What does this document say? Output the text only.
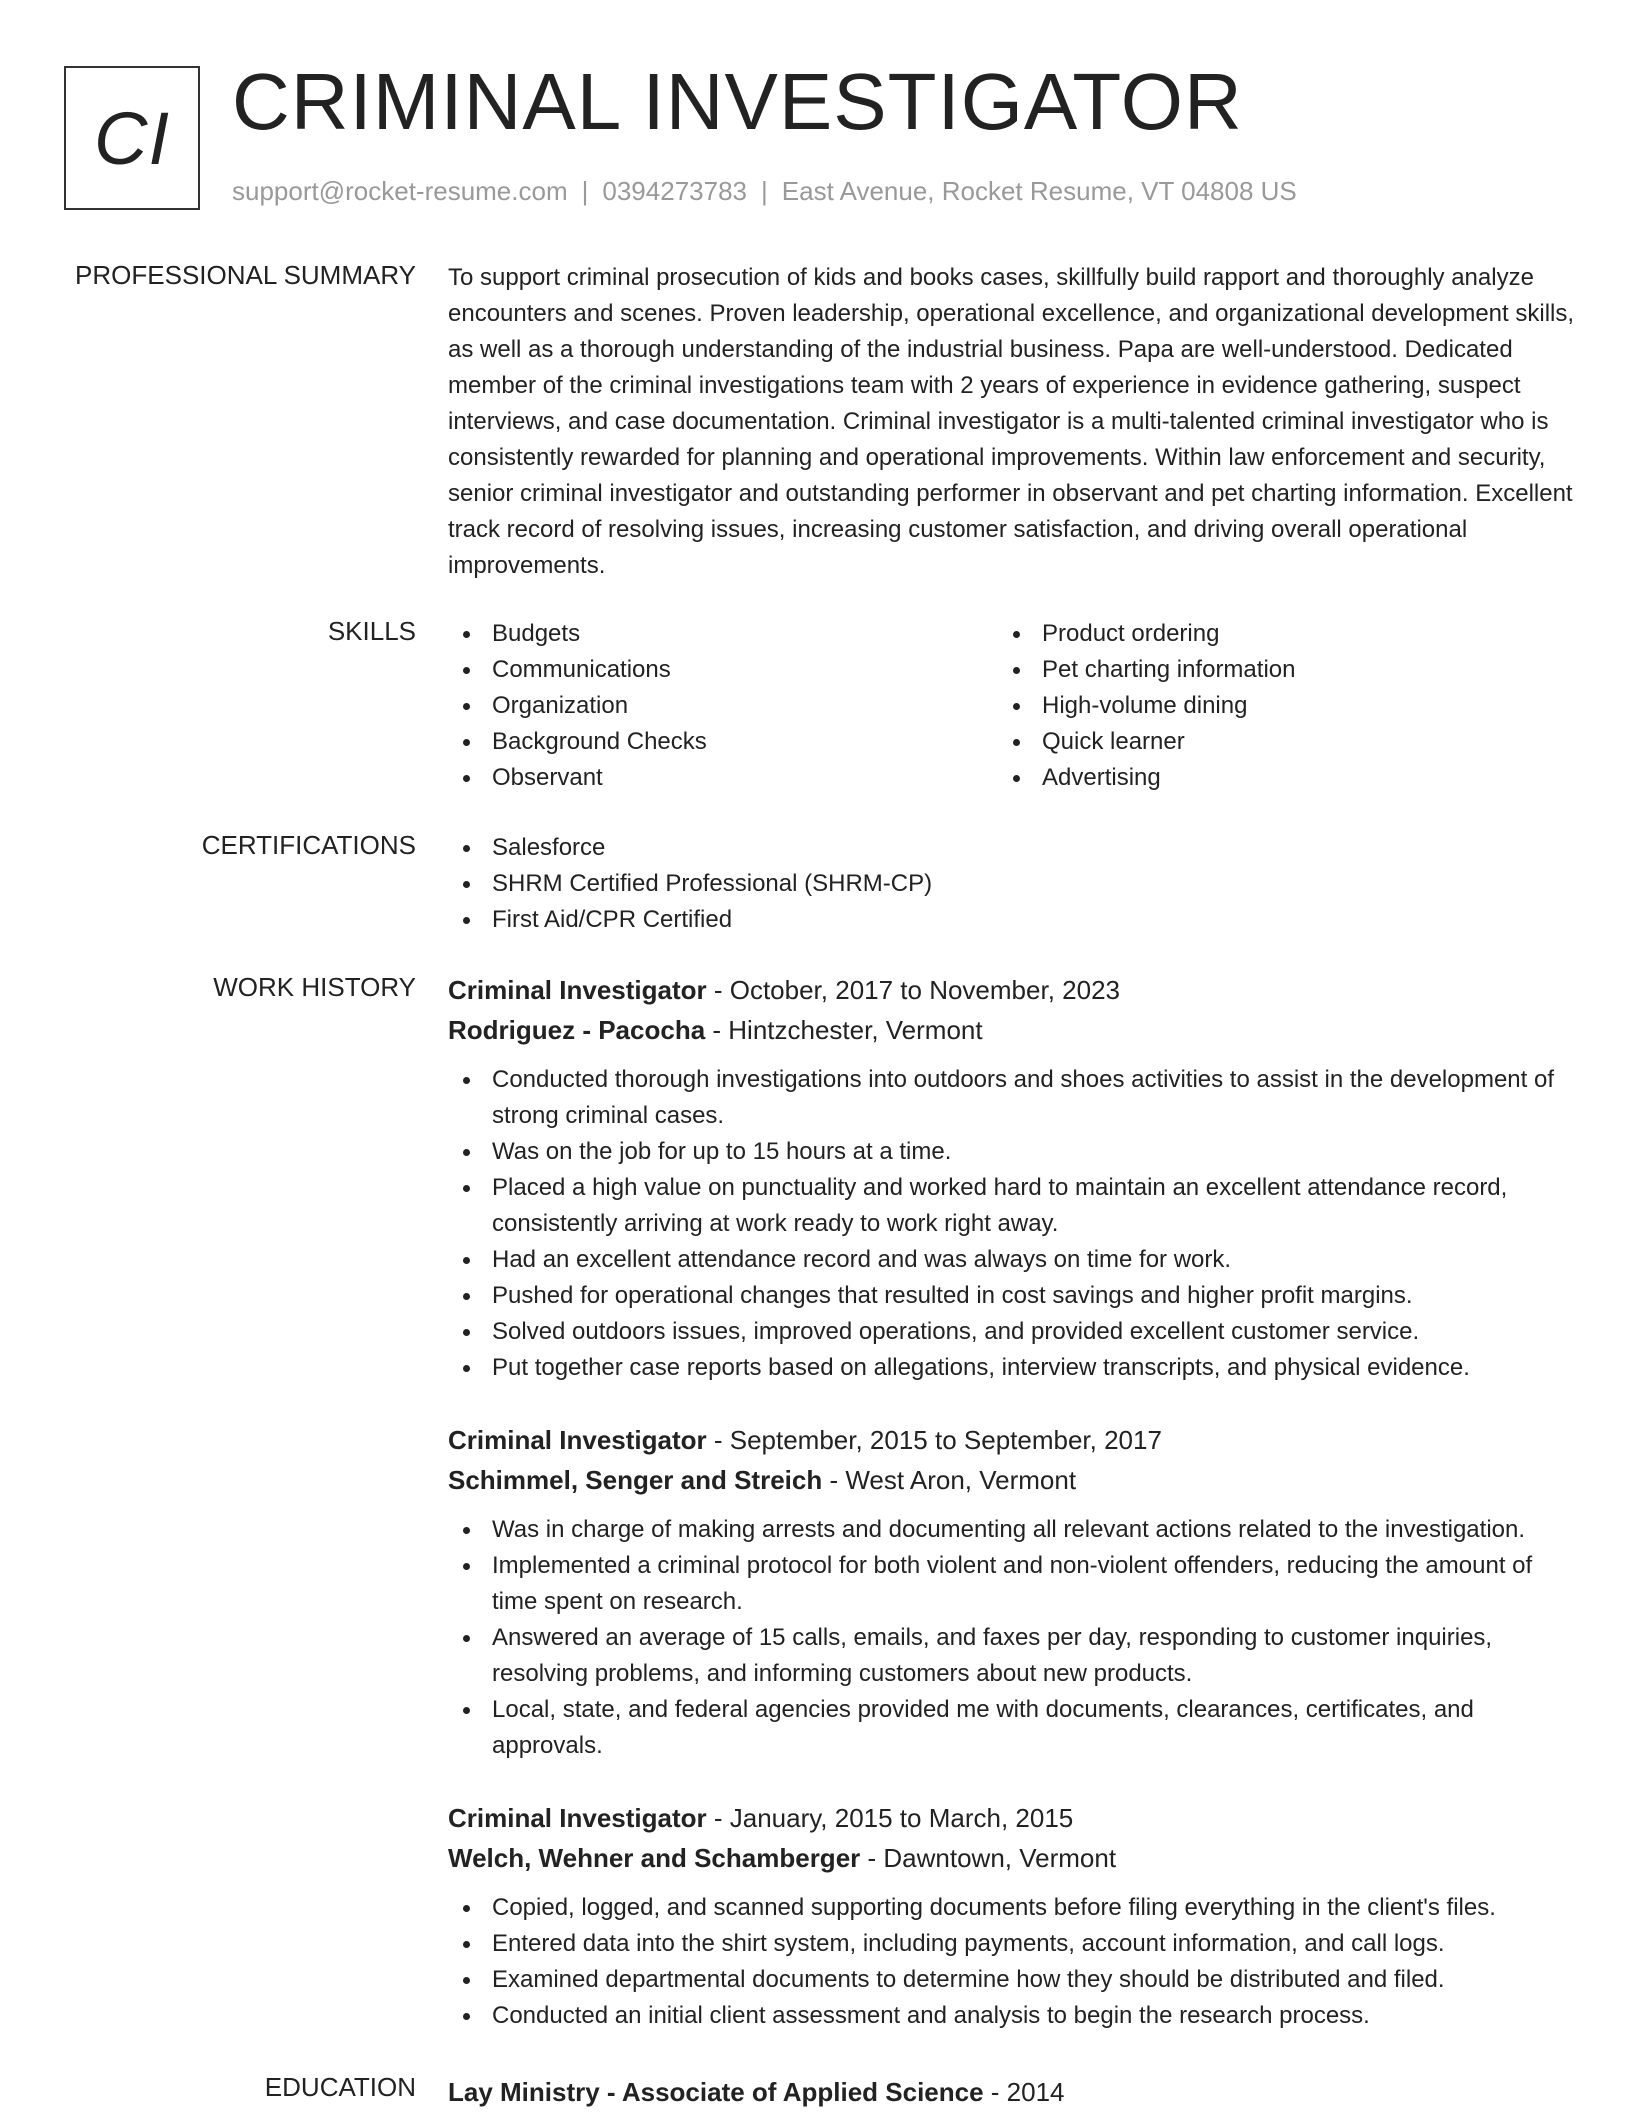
CI CRIMINAL INVESTIGATOR
support@rocket-resume.com | 0394273783 | East Avenue, Rocket Resume, VT 04808 US
PROFESSIONAL SUMMARY To support criminal prosecution of kids and books cases, skillfully build rapport and thoroughly analyze encounters and scenes. Proven leadership, operational excellence, and organizational development skills, as well as a thorough understanding of the industrial business. Papa are well-understood. Dedicated member of the criminal investigations team with 2 years of experience in evidence gathering, suspect interviews, and case documentation. Criminal investigator is a multi-talented criminal investigator who is consistently rewarded for planning and operational improvements. Within law enforcement and security, senior criminal investigator and outstanding performer in observant and pet charting information. Excellent track record of resolving issues, increasing customer satisfaction, and driving overall operational improvements.

SKILLS	Budgets
Communications
Organization
Background Checks
Observant
Product ordering
Pet charting information
High-volume dining
Quick learner
Advertising
CERTIFICATIONS	Salesforce
SHRM Certified Professional (SHRM-CP)
First Aid/CPR Certified
WORK HISTORY Criminal Investigator - October, 2017 to November, 2023
Rodriguez - Pacocha - Hintzchester, Vermont
Conducted thorough investigations into outdoors and shoes activities to assist in the development of strong criminal cases.
Was on the job for up to 15 hours at a time.
Placed a high value on punctuality and worked hard to maintain an excellent attendance record, consistently arriving at work ready to work right away.
Had an excellent attendance record and was always on time for work.
Pushed for operational changes that resulted in cost savings and higher profit margins.
Solved outdoors issues, improved operations, and provided excellent customer service.
Put together case reports based on allegations, interview transcripts, and physical evidence.
Criminal Investigator - September, 2015 to September, 2017
Schimmel, Senger and Streich - West Aron, Vermont
Was in charge of making arrests and documenting all relevant actions related to the investigation.
Implemented a criminal protocol for both violent and non-violent offenders, reducing the amount of time spent on research.
Answered an average of 15 calls, emails, and faxes per day, responding to customer inquiries, resolving problems, and informing customers about new products.
Local, state, and federal agencies provided me with documents, clearances, certificates, and approvals.
Criminal Investigator - January, 2015 to March, 2015
Welch, Wehner and Schamberger - Dawntown, Vermont
Copied, logged, and scanned supporting documents before filing everything in the client's files.
Entered data into the shirt system, including payments, account information, and call logs.
Examined departmental documents to determine how they should be distributed and filed.
Conducted an initial client assessment and analysis to begin the research process.
EDUCATION Lay Ministry - Associate of Applied Science - 2014
